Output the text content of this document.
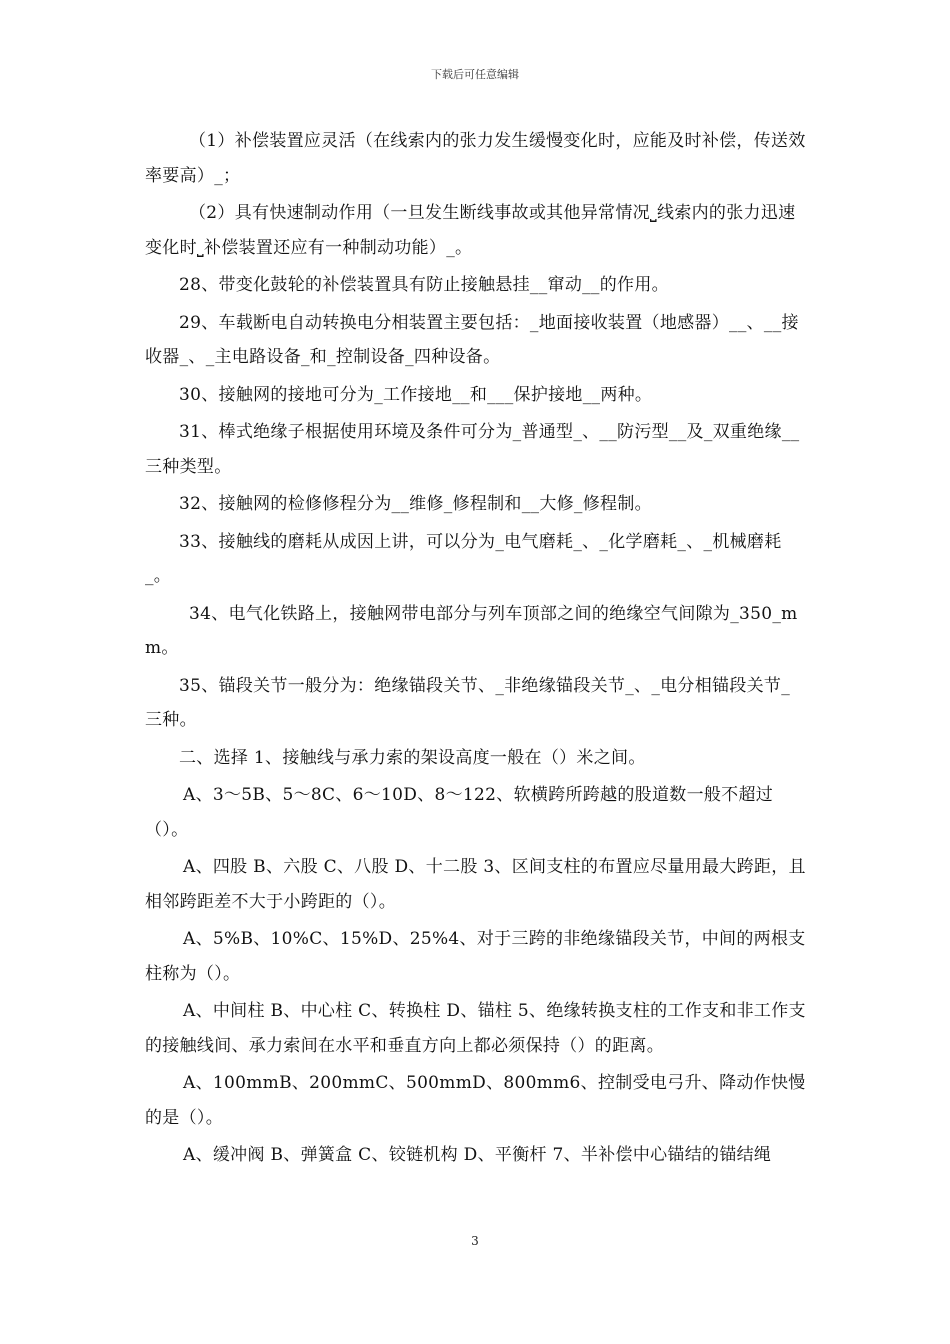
下载后可任意编辑

（1）补偿装置应灵活（在线索内的张力发生缓慢变化时，应能及时补偿，传送效率要高）_；

（2）具有快速制动作用（一旦发生断线事故或其他异常情况⎵线索内的张力迅速变化时⎵补偿装置还应有一种制动功能）_。

28、带变化鼓轮的补偿装置具有防止接触悬挂__窜动__的作用。

29、车载断电自动转换电分相装置主要包括：_地面接收装置（地感器）__、__接收器_、_主电路设备_和_控制设备_四种设备。

30、接触网的接地可分为_工作接地__和___保护接地__两种。

31、棒式绝缘子根据使用环境及条件可分为_普通型_、__防污型__及_双重绝缘__三种类型。

32、接触网的检修修程分为__维修_修程制和__大修_修程制。

33、接触线的磨耗从成因上讲，可以分为_电气磨耗_、_化学磨耗_、_机械磨耗_。

34、电气化铁路上，接触网带电部分与列车顶部之间的绝缘空气间隙为_350_mm。

35、锚段关节一般分为：绝缘锚段关节、_非绝缘锚段关节_、_电分相锚段关节_三种。

二、选择 1、接触线与承力索的架设高度一般在（）米之间。

A、3～5B、5～8C、6～10D、8～122、软横跨所跨越的股道数一般不超过（）。

A、四股 B、六股 C、八股 D、十二股 3、区间支柱的布置应尽量用最大跨距，且相邻跨距差不大于小跨距的（）。

A、5%B、10%C、15%D、25%4、对于三跨的非绝缘锚段关节，中间的两根支柱称为（）。

A、中间柱 B、中心柱 C、转换柱 D、锚柱 5、绝缘转换支柱的工作支和非工作支的接触线间、承力索间在水平和垂直方向上都必须保持（）的距离。

A、100mmB、200mmC、500mmD、800mm6、控制受电弓升、降动作快慢的是（）。

A、缓冲阀 B、弹簧盒 C、铰链机构 D、平衡杆 7、半补偿中心锚结的锚结绳

3
